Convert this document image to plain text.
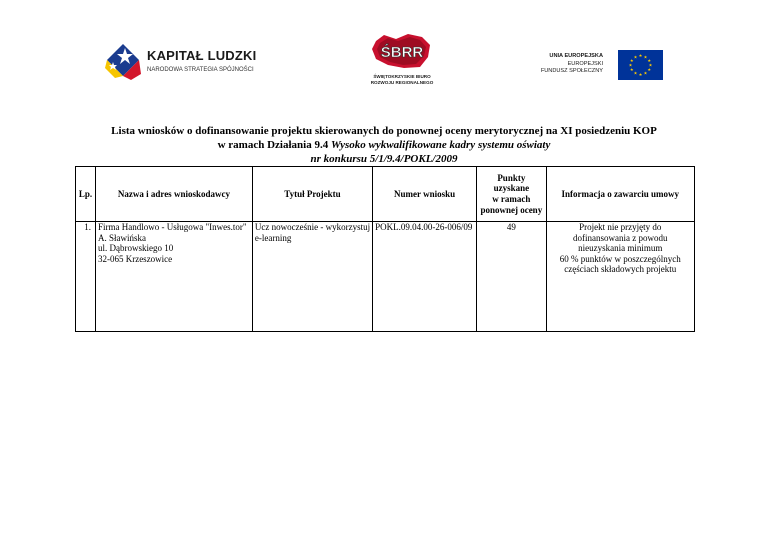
KAPITAŁ LUDZKI
NARODOWA STRATEGIA SPÓJNOŚCI
ŚBRR
ŚWIĘTOKRZYSKIE BIURO
ROZWOJU REGIONALNEGO
UNIA EUROPEJSKA
EUROPEJSKI
FUNDUSZ SPOŁECZNY
★ ★
★
★
★
★
★
★
★
★
★
★
Lista wniosków o dofinansowanie projektu skierowanych do ponownej oceny merytorycznej na XI posiedzeniu KOP
w ramach Działania 9.4 Wysoko wykwalifikowane kadry systemu oświaty
nr konkursu 5/1/9.4/POKL/2009
Lp.	Nazwa i adres wnioskodawcy	Tytuł Projektu	Numer wniosku	Punkty uzyskane
w ramach
ponownej oceny	Informacja o zawarciu umowy
1.	Firma Handlowo - Usługowa "Inwes.tor"
A. Sławińska
ul. Dąbrowskiego 10
32-065 Krzeszowice	Ucz nowocześnie - wykorzystuj
e-learning	POKL.09.04.00-26-006/09	49	Projekt nie przyjęty do
dofinansowania z powodu
nieuzyskania minimum
60 % punktów w poszczególnych
częściach składowych projektu
